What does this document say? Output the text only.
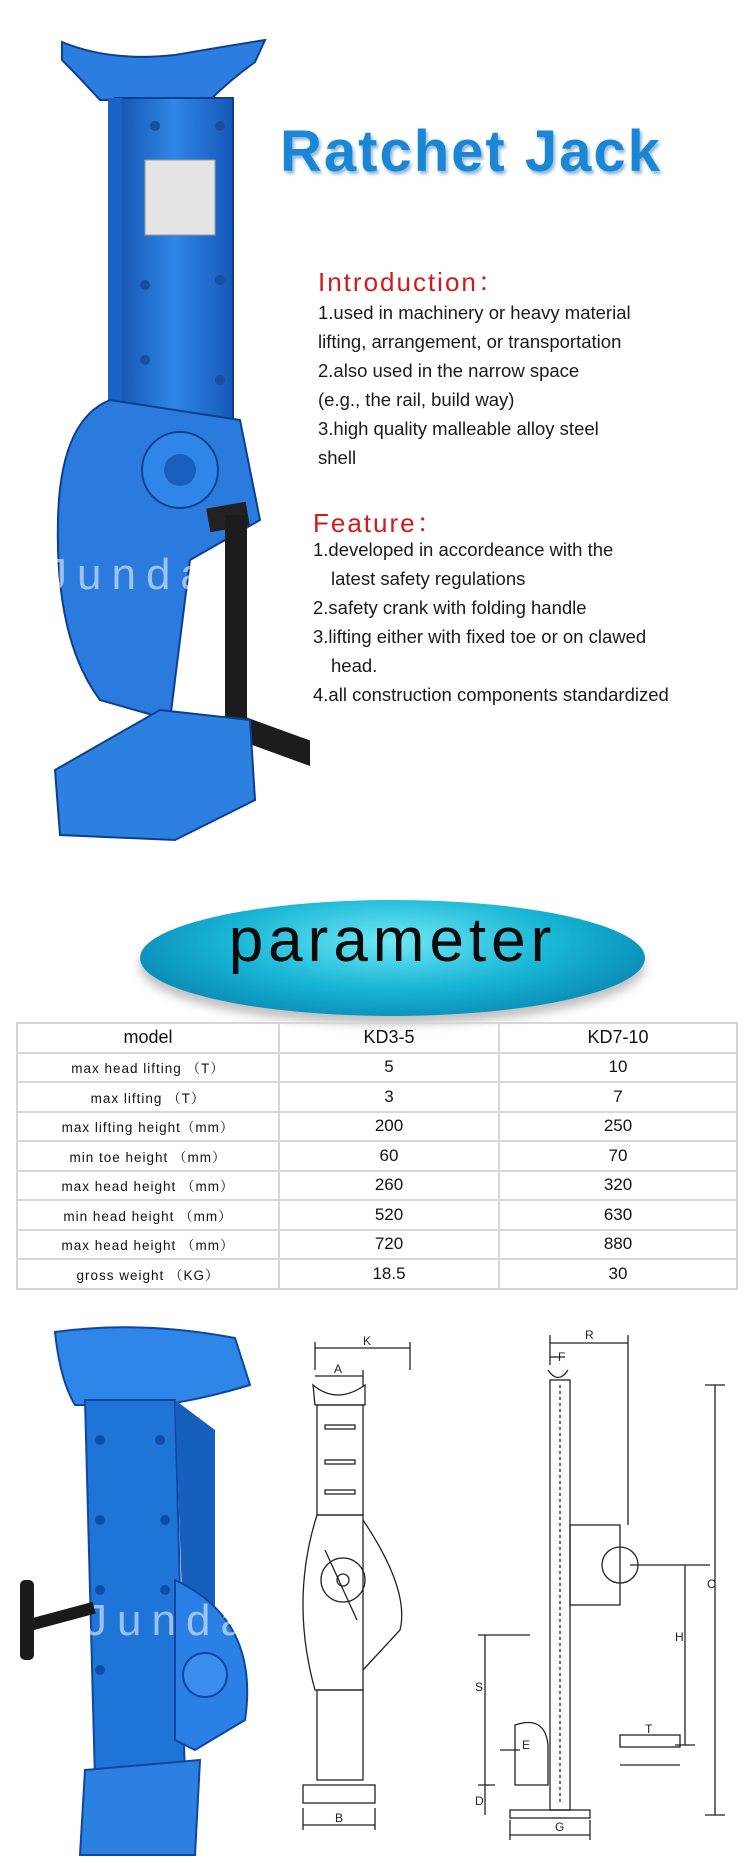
Junda
Ratchet Jack
Introduction：
1.used in machinery or heavy material
lifting, arrangement, or transportation
2.also used in the narrow space
(e.g., the rail, build way)
3.high quality malleable alloy steel
shell
Feature：
1.developed in accordeance with the
latest safety regulations
2.safety crank with folding handle
3.lifting either with fixed toe or on clawed
head.
4.all construction components standardized
parameter
model	KD3-5	KD7-10
max head lifting （T）	5	10
max lifting （T）	3	7
max lifting height（mm）	200	250
min toe height （mm）	60	70
max head height （mm）	260	320
min head height （mm）	520	630
max head height （mm）	720	880
gross weight （KG）	18.5	30
Junda
K
A
B
R
F
C
H
S
E
T
D
G
